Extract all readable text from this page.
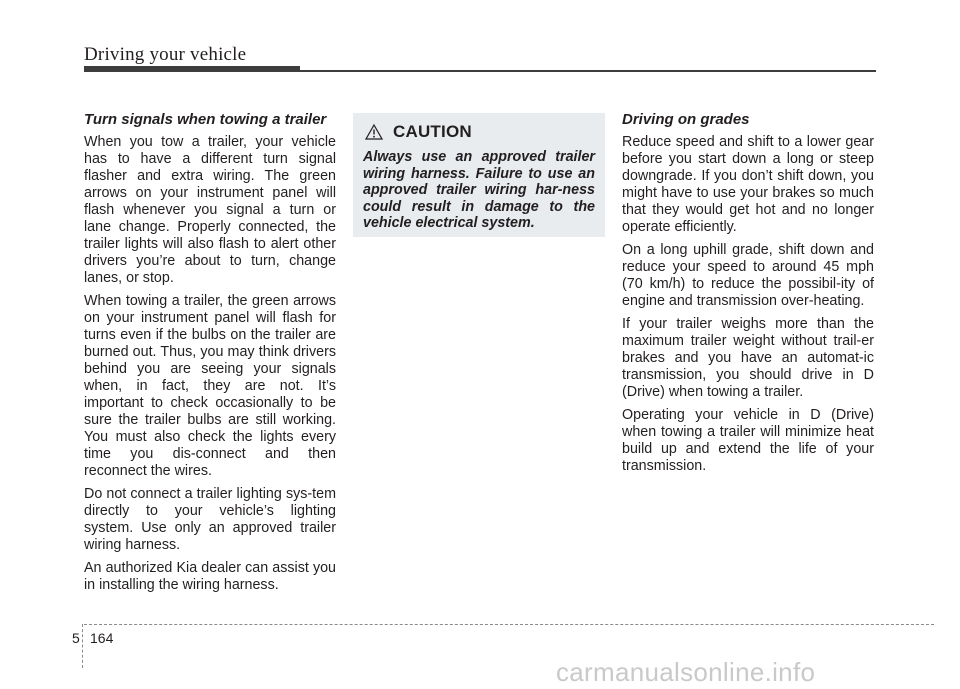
Driving your vehicle
Turn signals when towing a trailer

When you tow a trailer, your vehicle has to have a different turn signal flasher and extra wiring. The green arrows on your instrument panel will flash whenever you signal a turn or lane change. Properly connected, the trailer lights will also flash to alert other drivers you’re about to turn, change lanes, or stop.

When towing a trailer, the green arrows on your instrument panel will flash for turns even if the bulbs on the trailer are burned out. Thus, you may think drivers behind you are seeing your signals when, in fact, they are not. It’s important to check occasionally to be sure the trailer bulbs are still working. You must also check the lights every time you dis-connect and then reconnect the wires.

Do not connect a trailer lighting sys-tem directly to your vehicle’s lighting system. Use only an approved trailer wiring harness.

An authorized Kia dealer can assist you in installing the wiring harness.

CAUTION
Always use an approved trailer wiring harness. Failure to use an approved trailer wiring har-ness could result in damage to the vehicle electrical system.
Driving on grades

Reduce speed and shift to a lower gear before you start down a long or steep downgrade. If you don’t shift down, you might have to use your brakes so much that they would get hot and no longer operate efficiently.

On a long uphill grade, shift down and reduce your speed to around 45 mph (70 km/h) to reduce the possibil-ity of engine and transmission over-heating.

If your trailer weighs more than the maximum trailer weight without trail-er brakes and you have an automat-ic transmission, you should drive in D (Drive) when towing a trailer.

Operating your vehicle in D (Drive) when towing a trailer will minimize heat build up and extend the life of your transmission.

5 164
carmanualsonline.info
